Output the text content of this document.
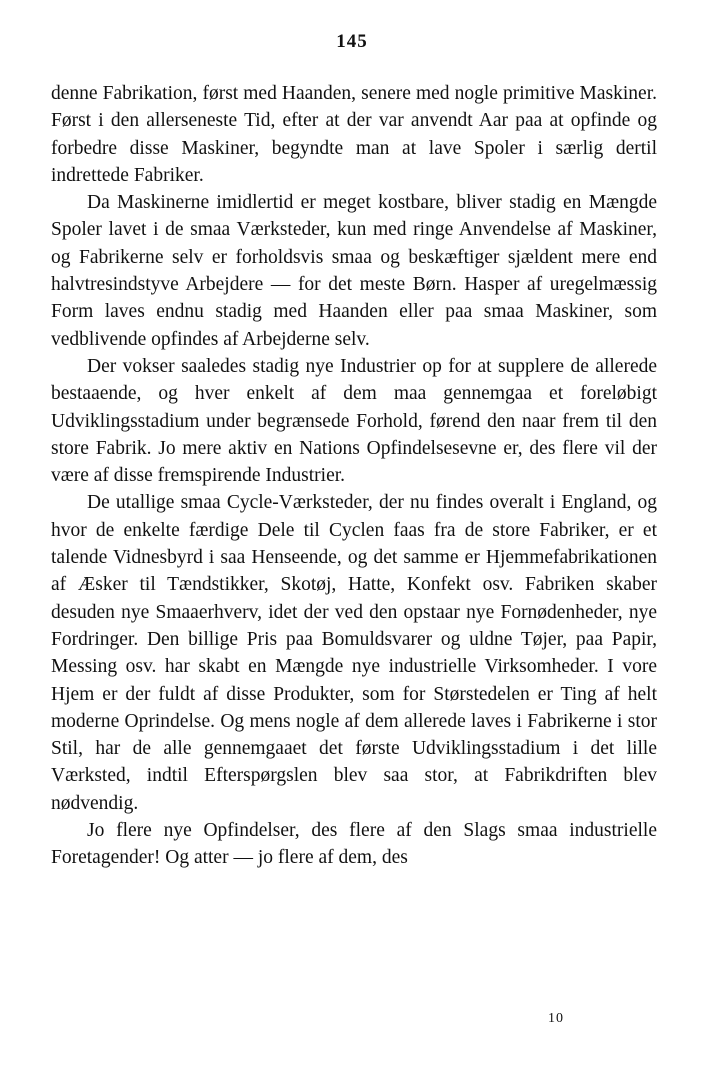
145

denne Fabrikation, først med Haanden, senere med nogle primitive Maskiner. Først i den allerseneste Tid, efter at der var anvendt Aar paa at opfinde og forbedre disse Maskiner, begyndte man at lave Spoler i særlig dertil indrettede Fabriker.

Da Maskinerne imidlertid er meget kostbare, bliver stadig en Mængde Spoler lavet i de smaa Værksteder, kun med ringe Anvendelse af Maskiner, og Fabrikerne selv er forholdsvis smaa og beskæftiger sjældent mere end halvtresindstyve Arbejdere — for det meste Børn. Hasper af uregelmæssig Form laves endnu stadig med Haanden eller paa smaa Maskiner, som vedblivende opfindes af Arbejderne selv.

Der vokser saaledes stadig nye Industrier op for at supplere de allerede bestaaende, og hver enkelt af dem maa gennemgaa et foreløbigt Udviklingsstadium under begrænsede Forhold, førend den naar frem til den store Fabrik. Jo mere aktiv en Nations Opfindelsesevne er, des flere vil der være af disse fremspirende Industrier.

De utallige smaa Cycle-Værksteder, der nu findes overalt i England, og hvor de enkelte færdige Dele til Cyclen faas fra de store Fabriker, er et talende Vidnesbyrd i saa Henseende, og det samme er Hjemmefabrikationen af Æsker til Tændstikker, Skotøj, Hatte, Konfekt osv. Fabriken skaber desuden nye Smaaerhverv, idet der ved den opstaar nye Fornødenheder, nye Fordringer. Den billige Pris paa Bomuldsvarer og uldne Tøjer, paa Papir, Messing osv. har skabt en Mængde nye industrielle Virksomheder. I vore Hjem er der fuldt af disse Produkter, som for Størstedelen er Ting af helt moderne Oprindelse. Og mens nogle af dem allerede laves i Fabrikerne i stor Stil, har de alle gennemgaaet det første Udviklingsstadium i det lille Værksted, indtil Efterspørgslen blev saa stor, at Fabrikdriften blev nødvendig.

Jo flere nye Opfindelser, des flere af den Slags smaa industrielle Foretagender! Og atter — jo flere af dem, des

10
